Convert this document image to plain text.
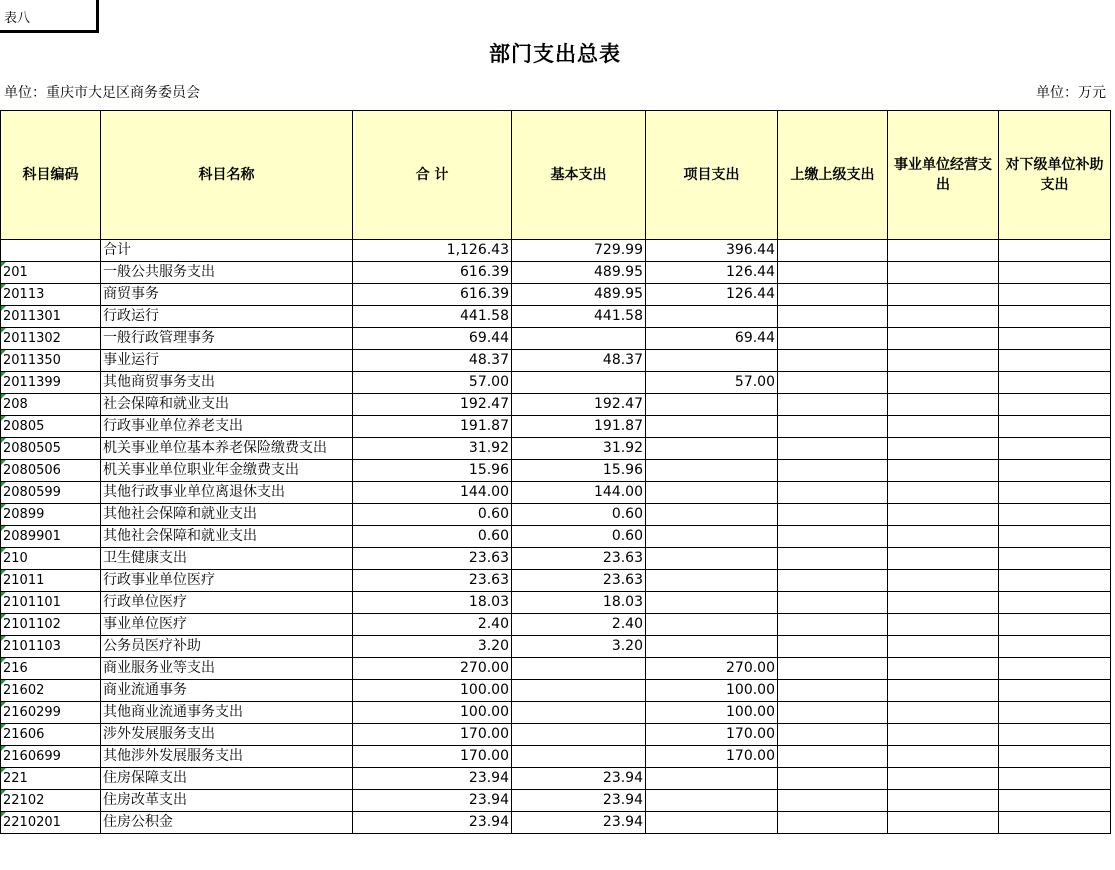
表八
部门支出总表
单位：重庆市大足区商务委员会	单位：万元
科目编码	科目名称	合 计	基本支出	项目支出	上缴上级支出	事业单位经营支出	对下级单位补助支出
	合计	1,126.43	729.99	396.44			

201	一般公共服务支出	616.39	489.95	126.44			

20113	商贸事务	616.39	489.95	126.44			

2011301	行政运行	441.58	441.58				

2011302	一般行政管理事务	69.44		69.44			

2011350	事业运行	48.37	48.37				

2011399	其他商贸事务支出	57.00		57.00			

208	社会保障和就业支出	192.47	192.47				

20805	行政事业单位养老支出	191.87	191.87				

2080505	机关事业单位基本养老保险缴费支出	31.92	31.92				

2080506	机关事业单位职业年金缴费支出	15.96	15.96				

2080599	其他行政事业单位离退休支出	144.00	144.00				

20899	其他社会保障和就业支出	0.60	0.60				

2089901	其他社会保障和就业支出	0.60	0.60				

210	卫生健康支出	23.63	23.63				

21011	行政事业单位医疗	23.63	23.63				

2101101	行政单位医疗	18.03	18.03				

2101102	事业单位医疗	2.40	2.40				

2101103	公务员医疗补助	3.20	3.20				

216	商业服务业等支出	270.00		270.00			

21602	商业流通事务	100.00		100.00			

2160299	其他商业流通事务支出	100.00		100.00			

21606	涉外发展服务支出	170.00		170.00			

2160699	其他涉外发展服务支出	170.00		170.00			

221	住房保障支出	23.94	23.94				

22102	住房改革支出	23.94	23.94				

2210201	住房公积金	23.94	23.94				
